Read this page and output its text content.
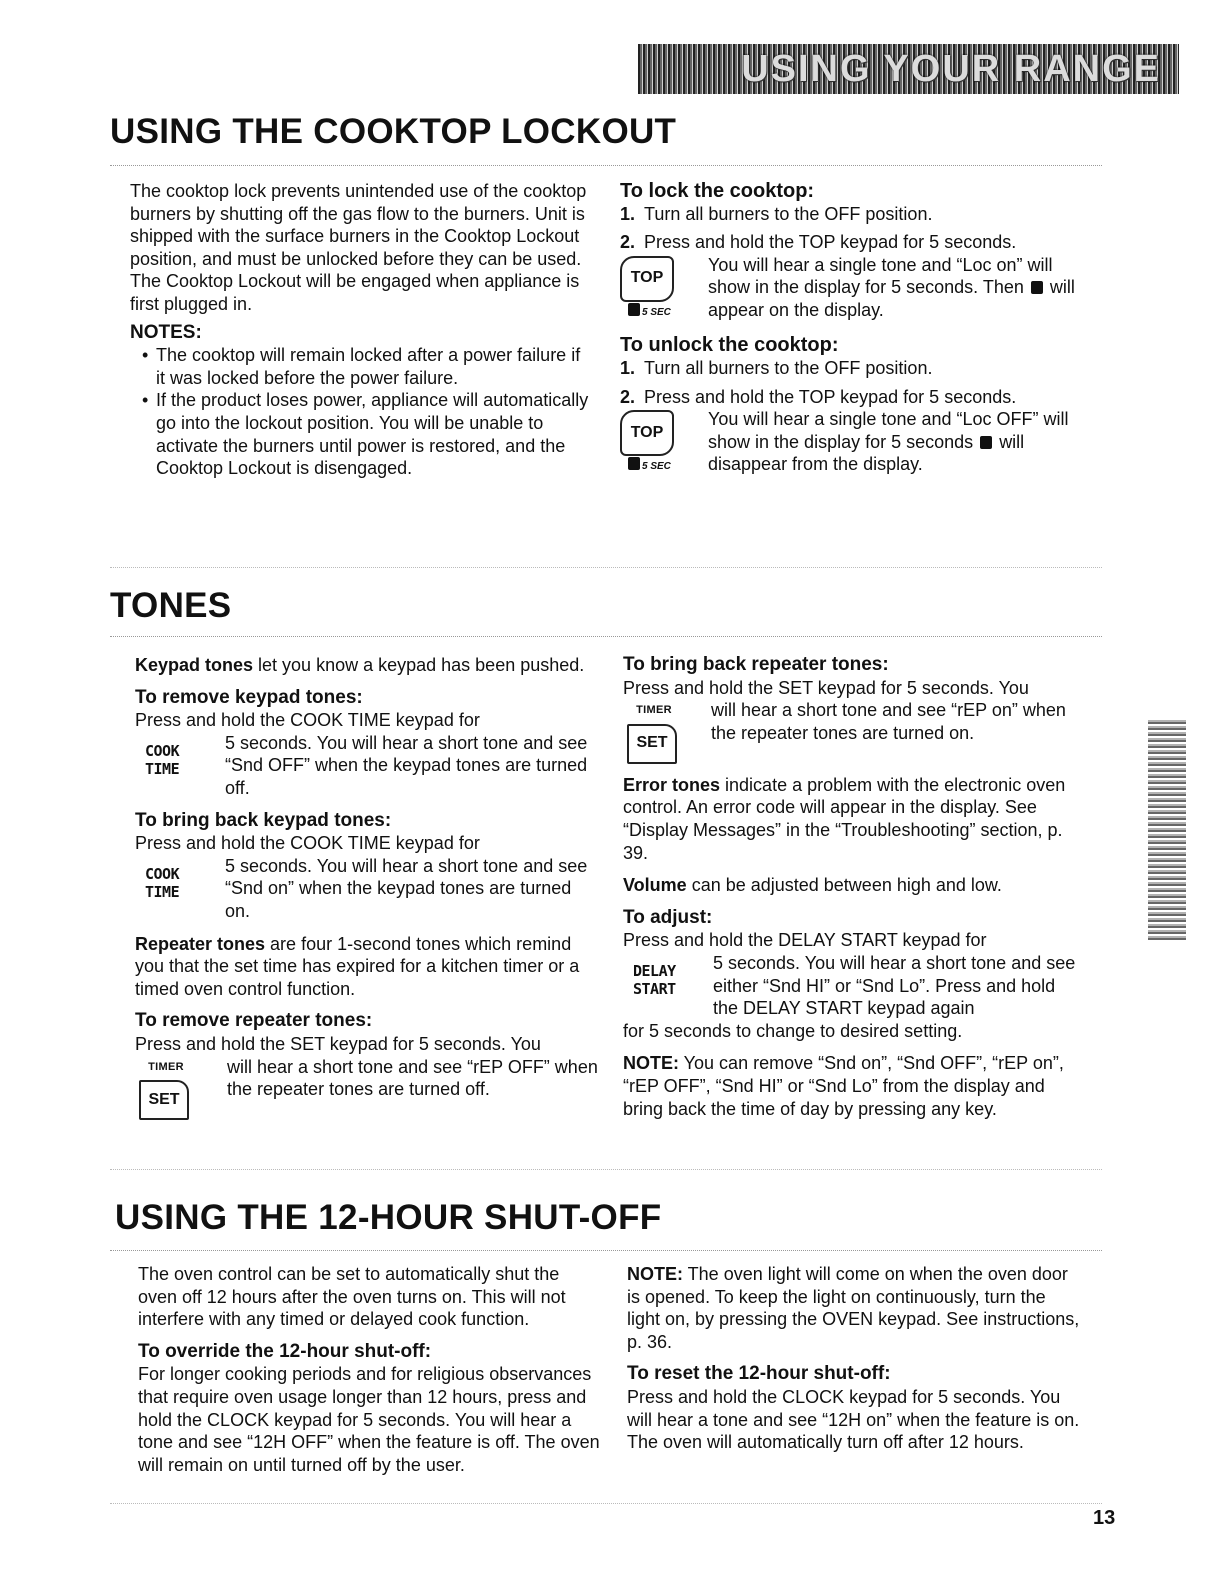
USING YOUR RANGE
USING THE COOKTOP LOCKOUT

The cooktop lock prevents unintended use of the cooktop burners by shutting off the gas flow to the burners. Unit is shipped with the surface burners in the Cooktop Lockout position, and must be unlocked before they can be used. The Cooktop Lockout will be engaged when appliance is first plugged in.

NOTES:

• The cooktop will remain locked after a power failure if it was locked before the power failure.
• If the product loses power, appliance will automatically go into the lockout position. You will be unable to activate the burners until power is restored, and the Cooktop Lockout is disengaged.

To lock the cooktop:

1. Turn all burners to the OFF position.
2. Press and hold the TOP keypad for 5 seconds.
TOP
5 SEC
You will hear a single tone and “Loc on” will show in the display for 5 seconds. Then will appear on the display.

To unlock the cooktop:

1. Turn all burners to the OFF position.
2. Press and hold the TOP keypad for 5 seconds.
TOP
5 SEC
You will hear a single tone and “Loc OFF” will show in the display for 5 seconds will disappear from the display.
TONES

Keypad tones let you know a keypad has been pushed.

To remove keypad tones:

Press and hold the COOK TIME keypad for

COOK
TIME
5 seconds. You will hear a short tone and see “Snd OFF” when the keypad tones are turned off.

To bring back keypad tones:

Press and hold the COOK TIME keypad for

COOK
TIME
5 seconds. You will hear a short tone and see “Snd on” when the keypad tones are turned on.

Repeater tones are four 1-second tones which remind you that the set time has expired for a kitchen timer or a timed oven control function.

To remove repeater tones:

Press and hold the SET keypad for 5 seconds. You

TIMER
SET
will hear a short tone and see “rEP OFF” when the repeater tones are turned off.

To bring back repeater tones:

Press and hold the SET keypad for 5 seconds. You

TIMER
SET
will hear a short tone and see “rEP on” when the repeater tones are turned on.

Error tones indicate a problem with the electronic oven control. An error code will appear in the display. See “Display Messages” in the “Troubleshooting” section, p. 39.

Volume can be adjusted between high and low.

To adjust:

Press and hold the DELAY START keypad for

DELAY
START
5 seconds. You will hear a short tone and see either “Snd HI” or “Snd Lo”. Press and hold the DELAY START keypad again

for 5 seconds to change to desired setting.

NOTE: You can remove “Snd on”, “Snd OFF”, “rEP on”, “rEP OFF”, “Snd HI” or “Snd Lo” from the display and bring back the time of day by pressing any key.

USING THE 12-HOUR SHUT-OFF

The oven control can be set to automatically shut the oven off 12 hours after the oven turns on. This will not interfere with any timed or delayed cook function.

To override the 12-hour shut-off:

For longer cooking periods and for religious observances that require oven usage longer than 12 hours, press and hold the CLOCK keypad for 5 seconds. You will hear a tone and see “12H OFF” when the feature is off. The oven will remain on until turned off by the user.

NOTE: The oven light will come on when the oven door is opened. To keep the light on continuously, turn the light on, by pressing the OVEN keypad. See instructions, p. 36.

To reset the 12-hour shut-off:

Press and hold the CLOCK keypad for 5 seconds. You will hear a tone and see “12H on” when the feature is on. The oven will automatically turn off after 12 hours.

13
